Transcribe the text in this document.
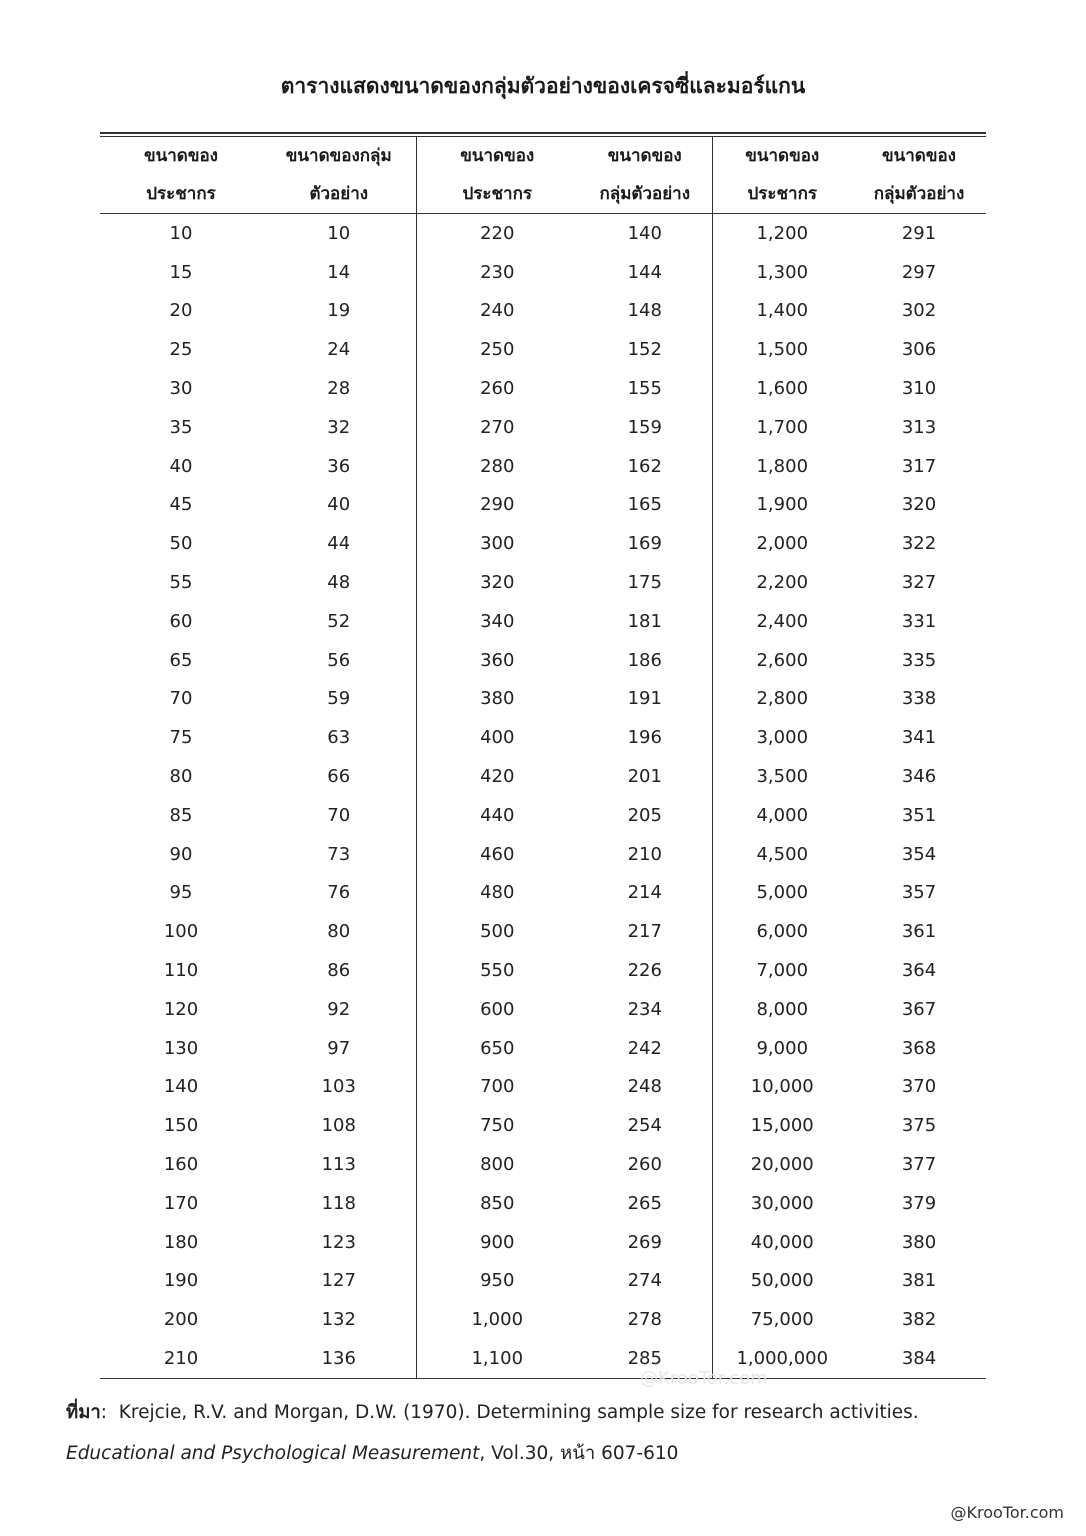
ตารางแสดงขนาดของกลุ่มตัวอย่างของเครจซี่และมอร์แกน
ขนาดของ	ขนาดของกลุ่ม	ขนาดของ	ขนาดของ	ขนาดของ	ขนาดของ
ประชากร	ตัวอย่าง	ประชากร	กลุ่มตัวอย่าง	ประชากร	กลุ่มตัวอย่าง
10	10	220	140	1,200	291
15	14	230	144	1,300	297
20	19	240	148	1,400	302
25	24	250	152	1,500	306
30	28	260	155	1,600	310
35	32	270	159	1,700	313
40	36	280	162	1,800	317
45	40	290	165	1,900	320
50	44	300	169	2,000	322
55	48	320	175	2,200	327
60	52	340	181	2,400	331
65	56	360	186	2,600	335
70	59	380	191	2,800	338
75	63	400	196	3,000	341
80	66	420	201	3,500	346
85	70	440	205	4,000	351
90	73	460	210	4,500	354
95	76	480	214	5,000	357
100	80	500	217	6,000	361
110	86	550	226	7,000	364
120	92	600	234	8,000	367
130	97	650	242	9,000	368
140	103	700	248	10,000	370
150	108	750	254	15,000	375
160	113	800	260	20,000	377
170	118	850	265	30,000	379
180	123	900	269	40,000	380
190	127	950	274	50,000	381
200	132	1,000	278	75,000	382
210	136	1,100	285	1,000,000	384
@KrooTor.com
ที่มา: Krejcie, R.V. and Morgan, D.W. (1970). Determining sample size for research activities. Educational and Psychological Measurement, Vol.30, หน้า 607-610
@KrooTor.com
